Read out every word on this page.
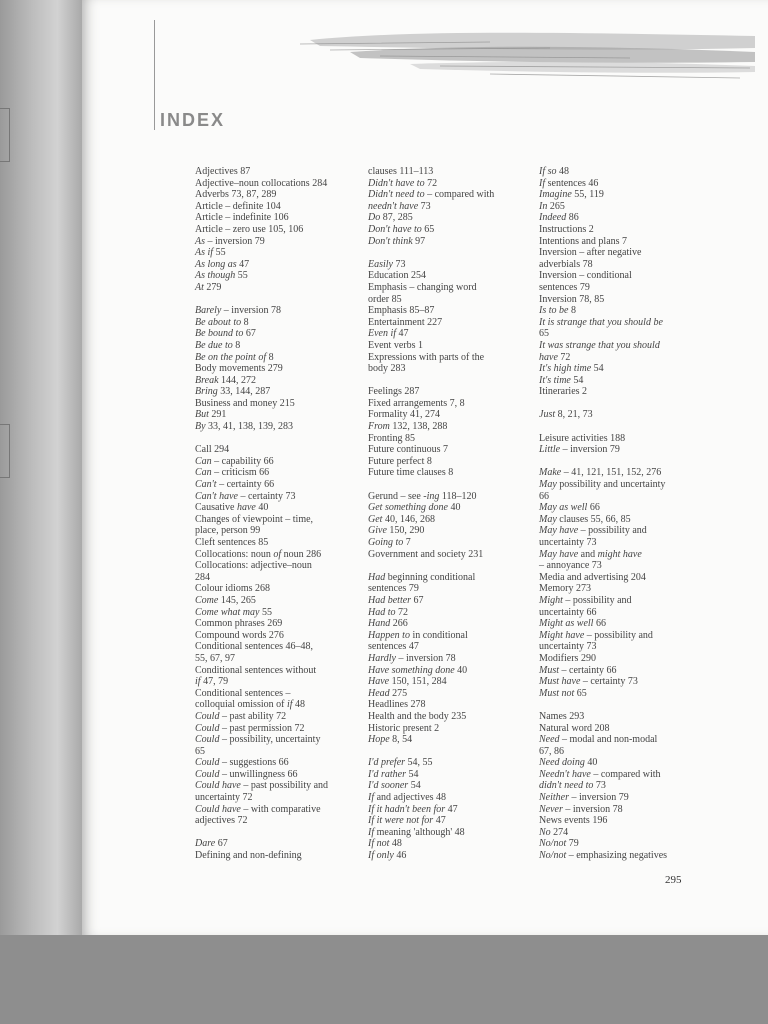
INDEX
Adjectives 87
Adjective–noun collocations 284
Adverbs 73, 87, 289
Article – definite 104
Article – indefinite 106
Article – zero use 105, 106
As – inversion 79
As if 55
As long as 47
As though 55
At 279
Barely – inversion 78
Be about to 8
Be bound to 67
Be due to 8
Be on the point of 8
Body movements 279
Break 144, 272
Bring 33, 144, 287
Business and money 215
But 291
By 33, 41, 138, 139, 283
Call 294
Can – capability 66
Can – criticism 66
Can't – certainty 66
Can't have – certainty 73
Causative have 40
Changes of viewpoint – time,
place, person 99
Cleft sentences 85
Collocations: noun of noun 286
Collocations: adjective–noun
284
Colour idioms 268
Come 145, 265
Come what may 55
Common phrases 269
Compound words 276
Conditional sentences 46–48,
55, 67, 97
Conditional sentences without
if 47, 79
Conditional sentences –
colloquial omission of if 48
Could – past ability 72
Could – past permission 72
Could – possibility, uncertainty
65
Could – suggestions 66
Could – unwillingness 66
Could have – past possibility and
uncertainty 72
Could have – with comparative
adjectives 72
Dare 67
Defining and non-defining
clauses 111–113
Didn't have to 72
Didn't need to – compared with
needn't have 73
Do 87, 285
Don't have to 65
Don't think 97
Easily 73
Education 254
Emphasis – changing word
order 85
Emphasis 85–87
Entertainment 227
Even if 47
Event verbs 1
Expressions with parts of the
body 283
Feelings 287
Fixed arrangements 7, 8
Formality 41, 274
From 132, 138, 288
Fronting 85
Future continuous 7
Future perfect 8
Future time clauses 8
Gerund – see -ing 118–120
Get something done 40
Get 40, 146, 268
Give 150, 290
Going to 7
Government and society 231
Had beginning conditional
sentences 79
Had better 67
Had to 72
Hand 266
Happen to in conditional
sentences 47
Hardly – inversion 78
Have something done 40
Have 150, 151, 284
Head 275
Headlines 278
Health and the body 235
Historic present 2
Hope 8, 54
I'd prefer 54, 55
I'd rather 54
I'd sooner 54
If and adjectives 48
If it hadn't been for 47
If it were not for 47
If meaning 'although' 48
If not 48
If only 46
If so 48
If sentences 46
Imagine 55, 119
In 265
Indeed 86
Instructions 2
Intentions and plans 7
Inversion – after negative
adverbials 78
Inversion – conditional
sentences 79
Inversion 78, 85
Is to be 8
It is strange that you should be
65
It was strange that you should
have 72
It's high time 54
It's time 54
Itineraries 2
Just 8, 21, 73
Leisure activities 188
Little – inversion 79
Make – 41, 121, 151, 152, 276
May possibility and uncertainty
66
May as well 66
May clauses 55, 66, 85
May have – possibility and
uncertainty 73
May have and might have
– annoyance 73
Media and advertising 204
Memory 273
Might – possibility and
uncertainty 66
Might as well 66
Might have – possibility and
uncertainty 73
Modifiers 290
Must – certainty 66
Must have – certainty 73
Must not 65
Names 293
Natural word 208
Need – modal and non-modal
67, 86
Need doing 40
Needn't have – compared with
didn't need to 73
Neither – inversion 79
Never – inversion 78
News events 196
No 274
No/not 79
No/not – emphasizing negatives
295
